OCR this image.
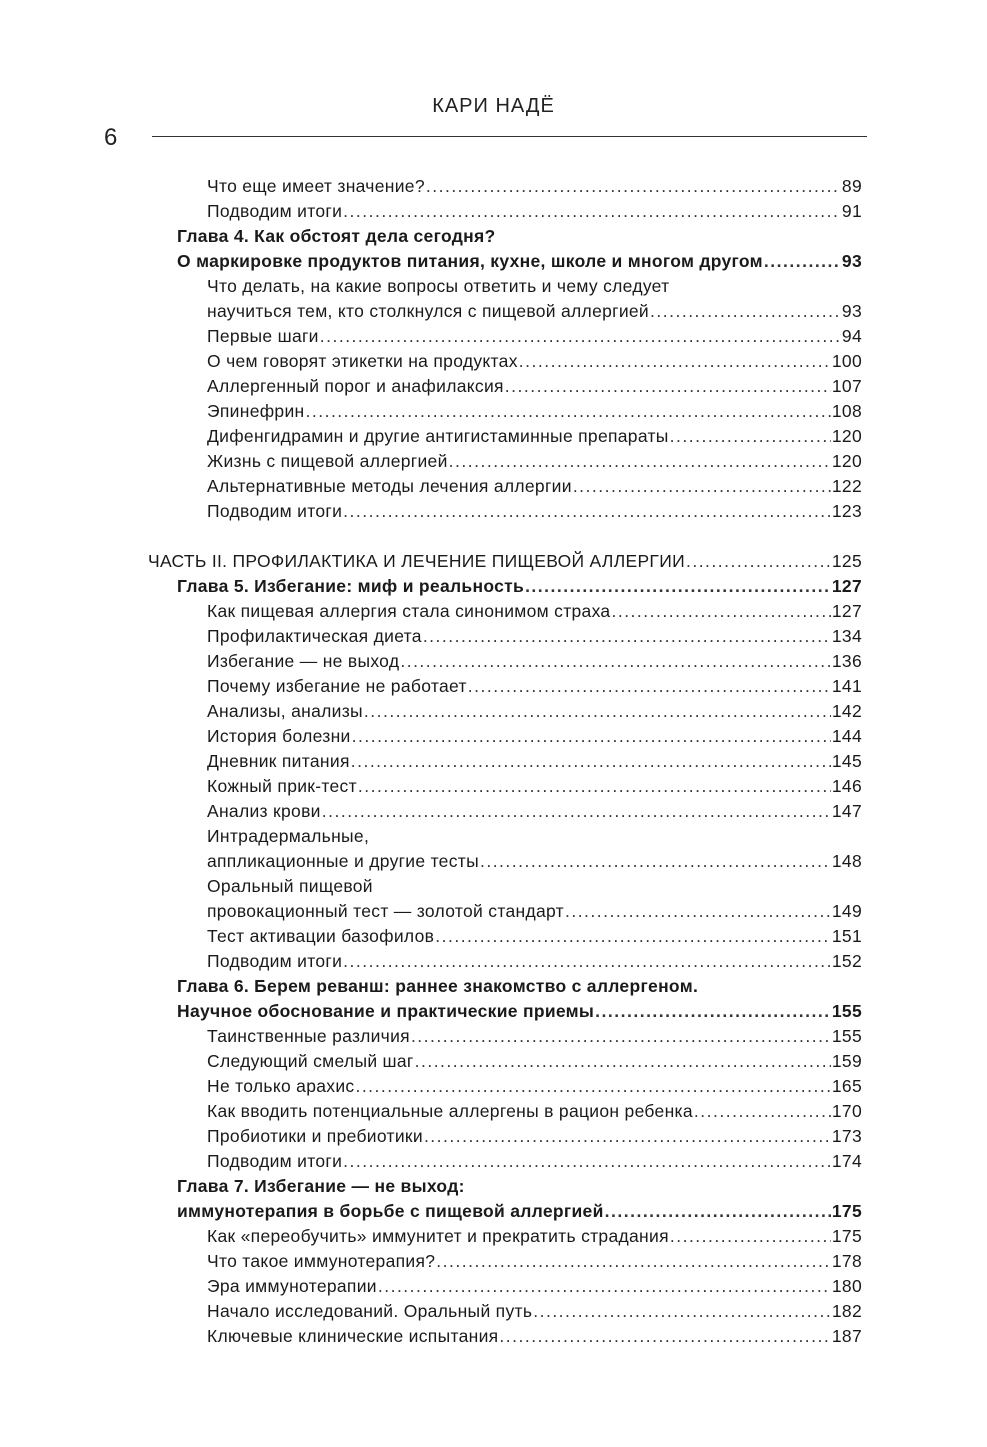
КАРИ НАДЁ
6
Что еще имеет значение? .....	89
Подводим итоги .....	91
Глава 4. Как обстоят дела сегодня?
О маркировке продуктов питания, кухне, школе и многом другом .....	93
Что делать, на какие вопросы ответить и чему следует
научиться тем, кто столкнулся с пищевой аллергией .....	93
Первые шаги .....	94
О чем говорят этикетки на продуктах .....	100
Аллергенный порог и анафилаксия .....	107
Эпинефрин .....	108
Дифенгидрамин и другие антигистаминные препараты .....	120
Жизнь с пищевой аллергией .....	120
Альтернативные методы лечения аллергии .....	122
Подводим итоги .....	123
ЧАСТЬ II. ПРОФИЛАКТИКА И ЛЕЧЕНИЕ ПИЩЕВОЙ АЛЛЕРГИИ .....	125
Глава 5. Избегание: миф и реальность .....	127
Как пищевая аллергия стала синонимом страха .....	127
Профилактическая диета .....	134
Избегание — не выход .....	136
Почему избегание не работает .....	141
Анализы, анализы .....	142
История болезни .....	144
Дневник питания .....	145
Кожный прик-тест .....	146
Анализ крови .....	147
Интрадермальные,
аппликационные и другие тесты .....	148
Оральный пищевой
провокационный тест — золотой стандарт .....	149
Тест активации базофилов .....	151
Подводим итоги .....	152
Глава 6. Берем реванш: раннее знакомство с аллергеном.
Научное обоснование и практические приемы .....	155
Таинственные различия .....	155
Следующий смелый шаг .....	159
Не только арахис .....	165
Как вводить потенциальные аллергены в рацион ребенка .....	170
Пробиотики и пребиотики .....	173
Подводим итоги .....	174
Глава 7. Избегание — не выход:
иммунотерапия в борьбе с пищевой аллергией .....	175
Как «переобучить» иммунитет и прекратить страдания .....	175
Что такое иммунотерапия? .....	178
Эра иммунотерапии .....	180
Начало исследований. Оральный путь .....	182
Ключевые клинические испытания .....	187
